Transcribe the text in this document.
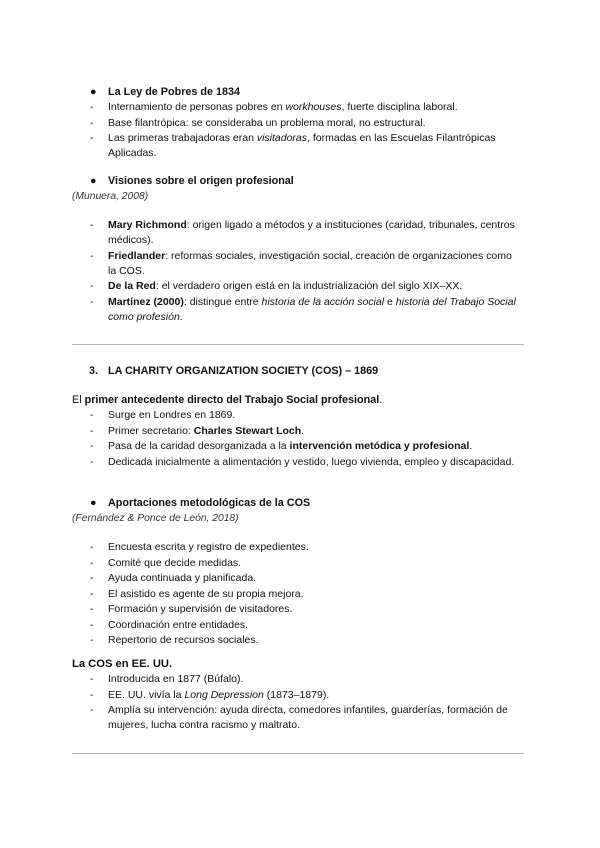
● La Ley de Pobres de 1834
- Internamiento de personas pobres en workhouses, fuerte disciplina laboral.
- Base filantrópica: se consideraba un problema moral, no estructural.
- Las primeras trabajadoras eran visitadoras, formadas en las Escuelas Filantrópicas Aplicadas.
● Visiones sobre el origen profesional
(Munuera, 2008)
- Mary Richmond: origen ligado a métodos y a instituciones (caridad, tribunales, centros médicos).
- Friedlander: reformas sociales, investigación social, creación de organizaciones como la COS.
- De la Red: el verdadero origen está en la industrialización del siglo XIX–XX.
- Martínez (2000): distingue entre historia de la acción social e historia del Trabajo Social como profesión.
3. LA CHARITY ORGANIZATION SOCIETY (COS) – 1869
El primer antecedente directo del Trabajo Social profesional.
- Surge en Londres en 1869.
- Primer secretario: Charles Stewart Loch.
- Pasa de la caridad desorganizada a la intervención metódica y profesional.
- Dedicada inicialmente a alimentación y vestido, luego vivienda, empleo y discapacidad.
● Aportaciones metodológicas de la COS
(Fernández & Ponce de León, 2018)
- Encuesta escrita y registro de expedientes.
- Comité que decide medidas.
- Ayuda continuada y planificada.
- El asistido es agente de su propia mejora.
- Formación y supervisión de visitadores.
- Coordinación entre entidades.
- Repertorio de recursos sociales.
La COS en EE. UU.
- Introducida en 1877 (Búfalo).
- EE. UU. vivía la Long Depression (1873–1879).
- Amplía su intervención: ayuda directa, comedores infantiles, guarderías, formación de mujeres, lucha contra racismo y maltrato.
